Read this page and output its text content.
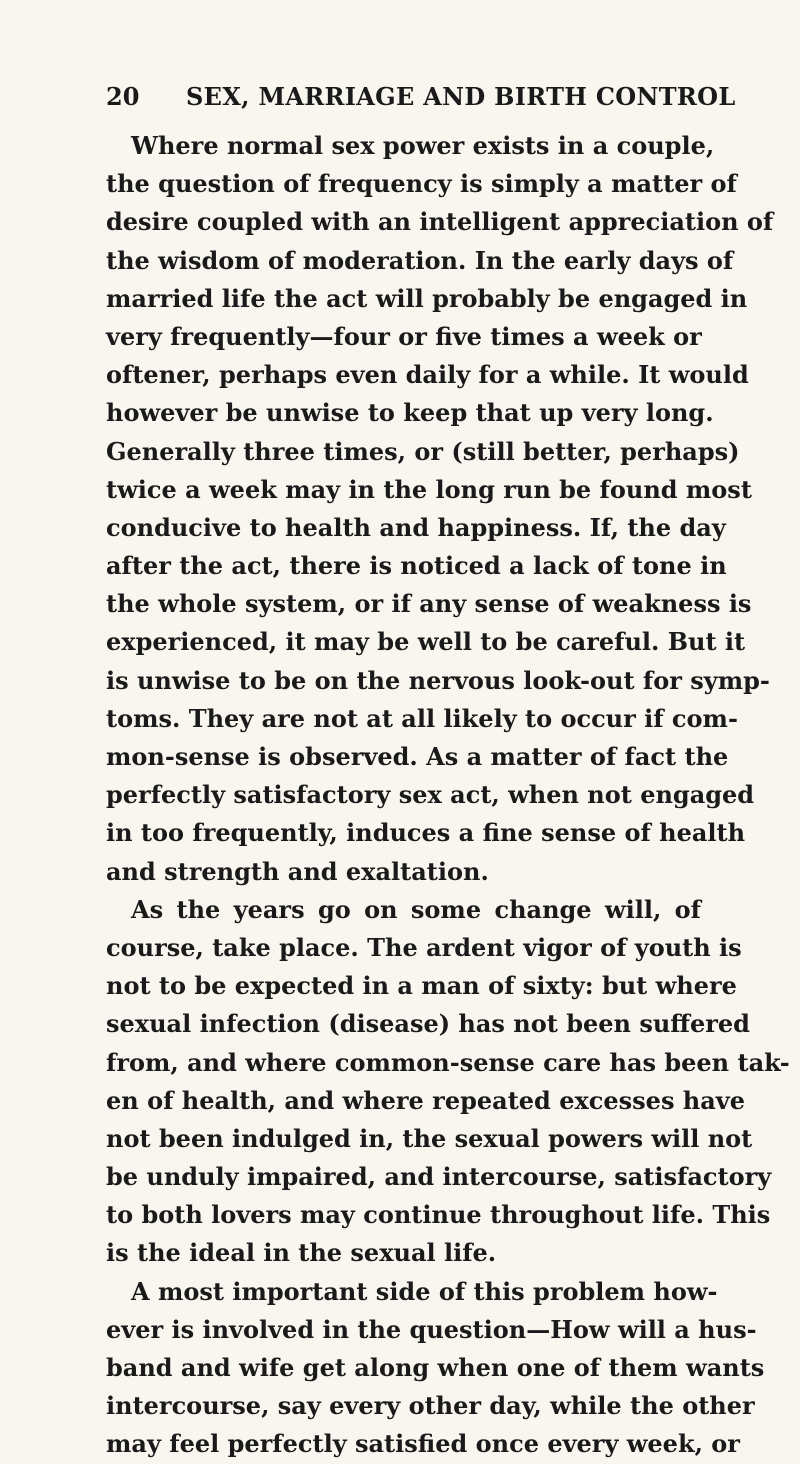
20 SEX, MARRIAGE AND BIRTH CONTROL
Where normal sex power exists in a couple,
the question of frequency is simply a matter of
desire coupled with an intelligent appreciation of
the wisdom of moderation. In the early days of
married life the act will probably be engaged in
very frequently—four or five times a week or
oftener, perhaps even daily for a while. It would
however be unwise to keep that up very long.
Generally three times, or (still better, perhaps)
twice a week may in the long run be found most
conducive to health and happiness. If, the day
after the act, there is noticed a lack of tone in
the whole system, or if any sense of weakness is
experienced, it may be well to be careful. But it
is unwise to be on the nervous look-out for symp-
toms. They are not at all likely to occur if com-
mon-sense is observed. As a matter of fact the
perfectly satisfactory sex act, when not engaged
in too frequently, induces a fine sense of health
and strength and exaltation.
As the years go on some change will, of
course, take place. The ardent vigor of youth is
not to be expected in a man of sixty: but where
sexual infection (disease) has not been suffered
from, and where common-sense care has been tak-
en of health, and where repeated excesses have
not been indulged in, the sexual powers will not
be unduly impaired, and intercourse, satisfactory
to both lovers may continue throughout life. This
is the ideal in the sexual life.
A most important side of this problem how-
ever is involved in the question—How will a hus-
band and wife get along when one of them wants
intercourse, say every other day, while the other
may feel perfectly satisfied once every week, or
